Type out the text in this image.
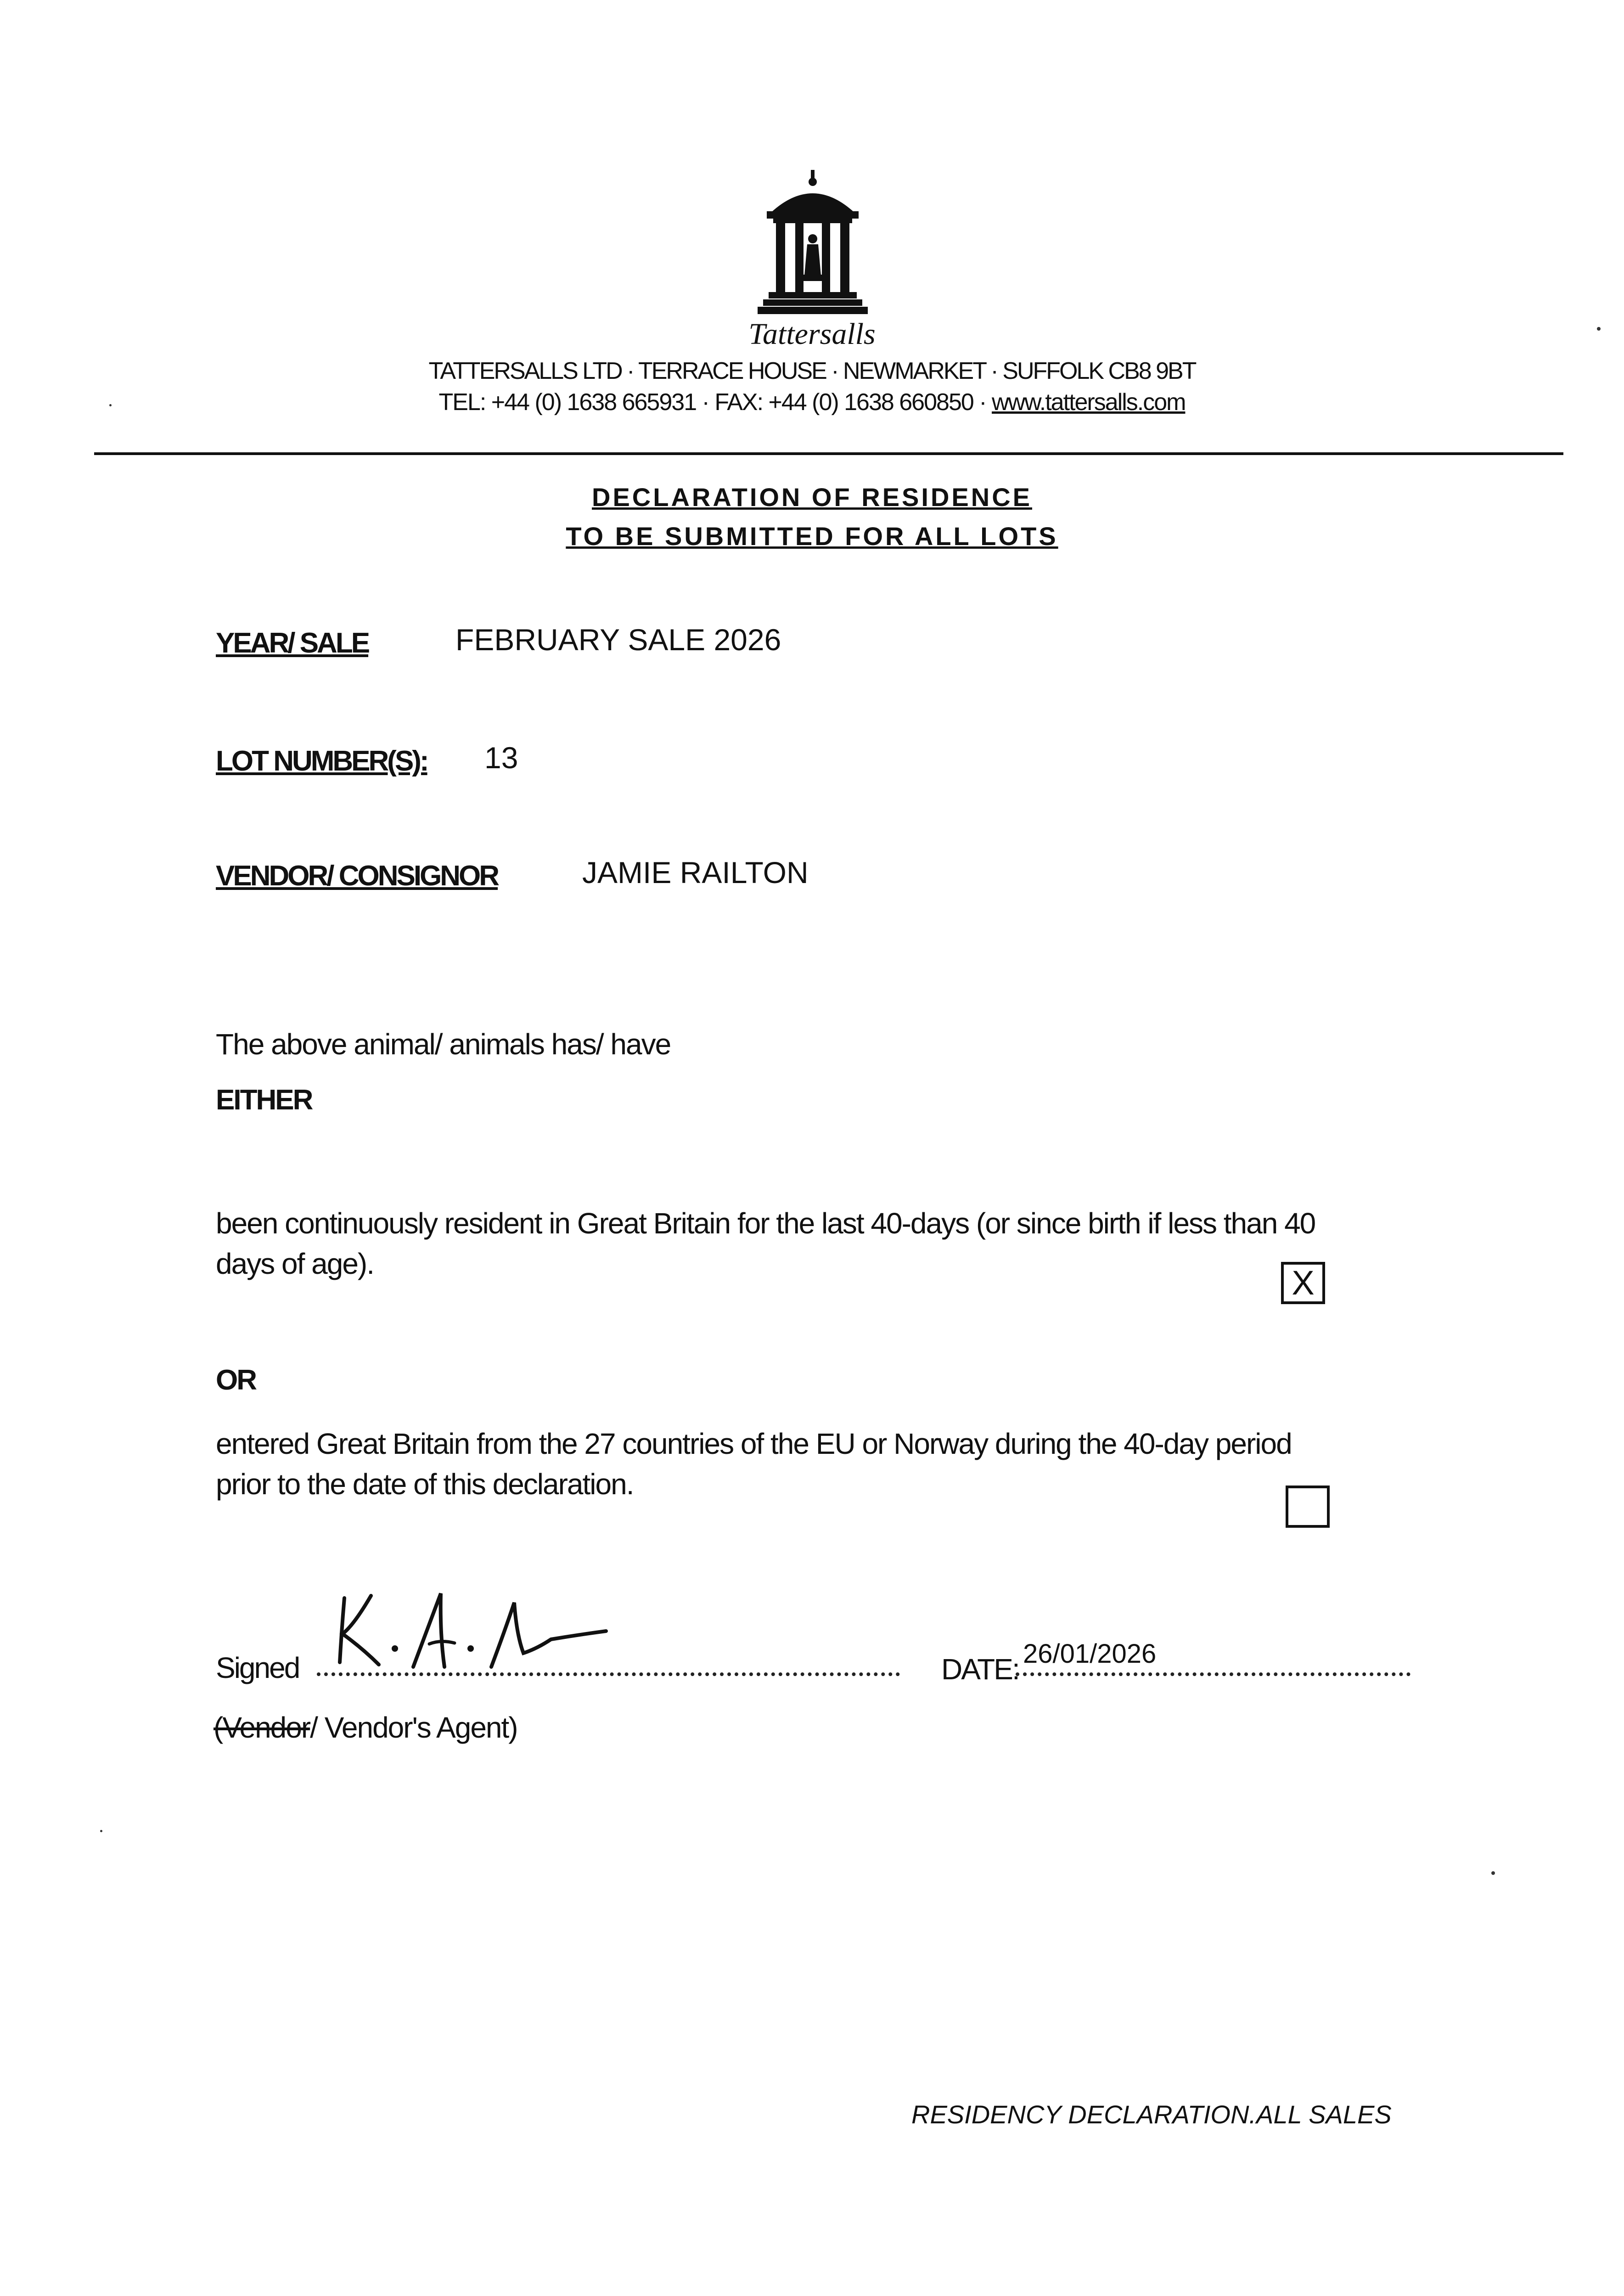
Tattersalls
TATTERSALLS LTD · TERRACE HOUSE · NEWMARKET · SUFFOLK CB8 9BT
TEL: +44 (0) 1638 665931 · FAX: +44 (0) 1638 660850 · www.tattersalls.com
DECLARATION OF RESIDENCE
TO BE SUBMITTED FOR ALL LOTS
YEAR/ SALE	FEBRUARY SALE 2026
LOT NUMBER(S): 13
VENDOR/ CONSIGNOR	JAMIE RAILTON
The above animal/ animals has/ have
EITHER
been continuously resident in Great Britain for the last 40-days (or since birth if less than 40
days of age).	X
OR
entered Great Britain from the 27 countries of the EU or Norway during the 40-day period
prior to the date of this declaration.
Signed	DATE: 26/01/2026
(Vendor/ Vendor's Agent)
RESIDENCY DECLARATION.ALL SALES
